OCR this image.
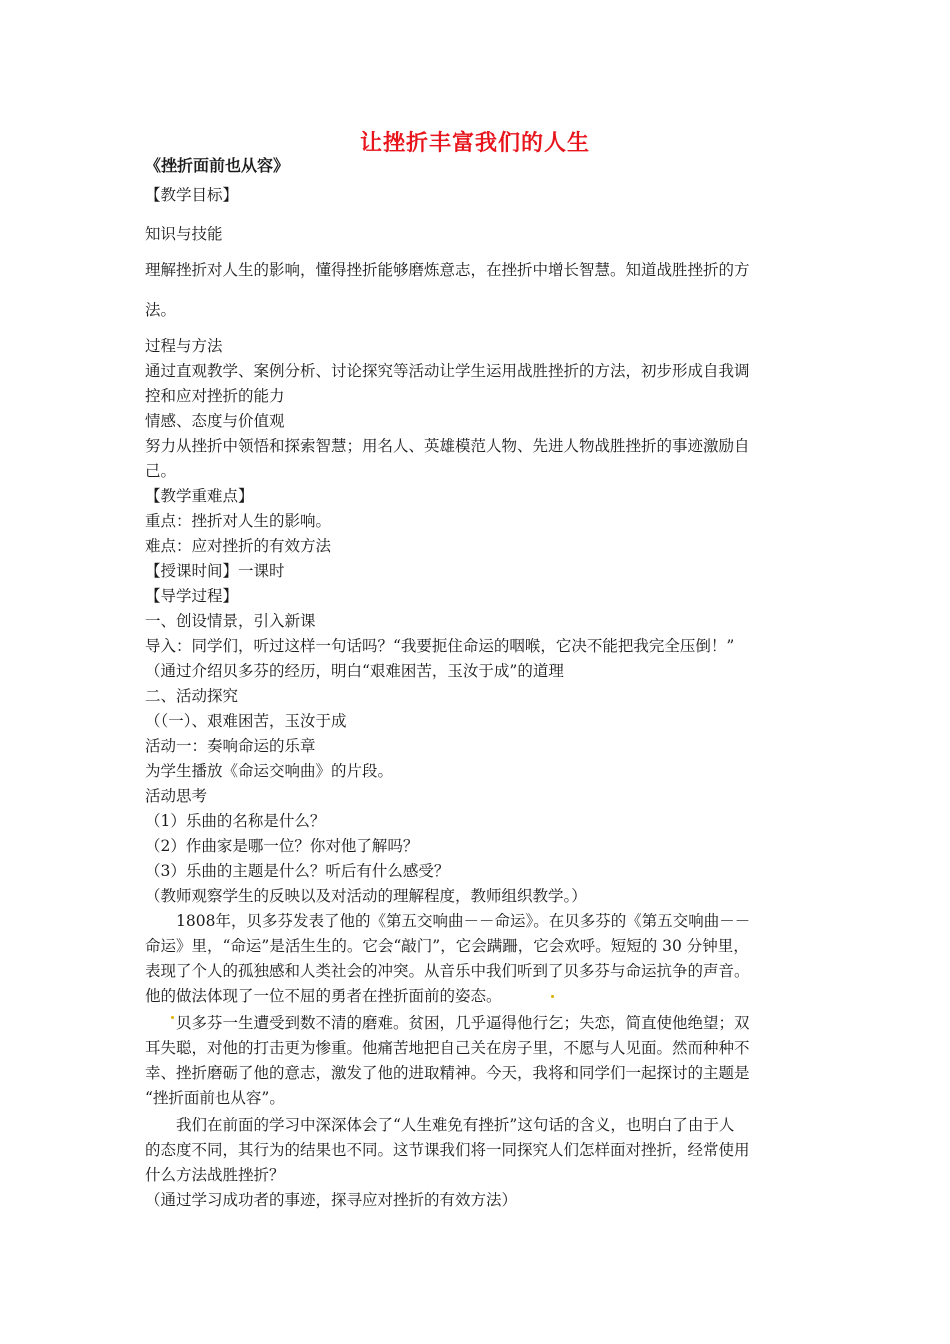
让挫折丰富我们的人生
《挫折面前也从容》
【教学目标】
知识与技能
理解挫折对人生的影响，懂得挫折能够磨炼意志，在挫折中增长智慧。知道战胜挫折的方
法。
过程与方法
通过直观教学、案例分析、讨论探究等活动让学生运用战胜挫折的方法，初步形成自我调
控和应对挫折的能力
情感、态度与价值观
努力从挫折中领悟和探索智慧；用名人、英雄模范人物、先进人物战胜挫折的事迹激励自
己。
【教学重难点】
重点：挫折对人生的影响。
难点：应对挫折的有效方法
【授课时间】一课时
【导学过程】
一、创设情景，引入新课
导入：同学们，听过这样一句话吗？“我要扼住命运的咽喉，它决不能把我完全压倒！”
（通过介绍贝多芬的经历，明白“艰难困苦，玉汝于成”的道理
二、活动探究
（（一）、艰难困苦，玉汝于成
活动一：奏响命运的乐章
为学生播放《命运交响曲》的片段。
活动思考
（1）乐曲的名称是什么？
（2）作曲家是哪一位？你对他了解吗？
（3）乐曲的主题是什么？听后有什么感受？
（教师观察学生的反映以及对活动的理解程度，教师组织教学。）
1808年，贝多芬发表了他的《第五交响曲－－命运》。在贝多芬的《第五交响曲－－
命运》里，“命运”是活生生的。它会“敲门”，它会蹒跚，它会欢呼。短短的 30 分钟里，
表现了个人的孤独感和人类社会的冲突。从音乐中我们听到了贝多芬与命运抗争的声音。
他的做法体现了一位不屈的勇者在挫折面前的姿态。
贝多芬一生遭受到数不清的磨难。贫困，几乎逼得他行乞；失恋，简直使他绝望；双
耳失聪，对他的打击更为惨重。他痛苦地把自己关在房子里，不愿与人见面。然而种种不
幸、挫折磨砺了他的意志，激发了他的进取精神。今天，我将和同学们一起探讨的主题是
“挫折面前也从容”。
我们在前面的学习中深深体会了“人生难免有挫折”这句话的含义，也明白了由于人
的态度不同，其行为的结果也不同。这节课我们将一同探究人们怎样面对挫折，经常使用
什么方法战胜挫折？
（通过学习成功者的事迹，探寻应对挫折的有效方法）
